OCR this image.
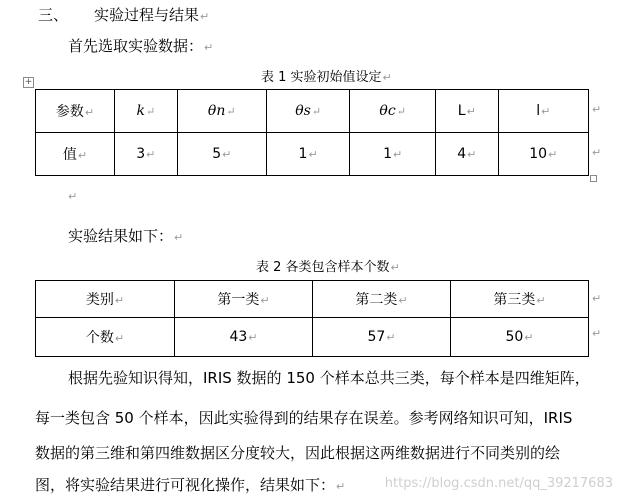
三、 实验过程与结果↵
首先选取实验数据：↵
表 1 实验初始值设定↵
+
参数↵	k↵	θn↵	θs↵	θc↵	L↵	l↵
值↵	3↵	5↵	1↵	1↵	4↵	10↵
↵
↵
↵
实验结果如下：↵
表 2 各类包含样本个数↵
类别↵	第一类↵	第二类↵	第三类↵
个数↵	43↵	57↵	50↵
↵
↵
根据先验知识得知，IRIS 数据的 150 个样本总共三类，每个样本是四维矩阵，
每一类包含 50 个样本，因此实验得到的结果存在误差。参考网络知识可知，IRIS
数据的第三维和第四维数据区分度较大，因此根据这两维数据进行不同类别的绘
图，将实验结果进行可视化操作，结果如下：↵	https://blog.csdn.net/qq_39217683
